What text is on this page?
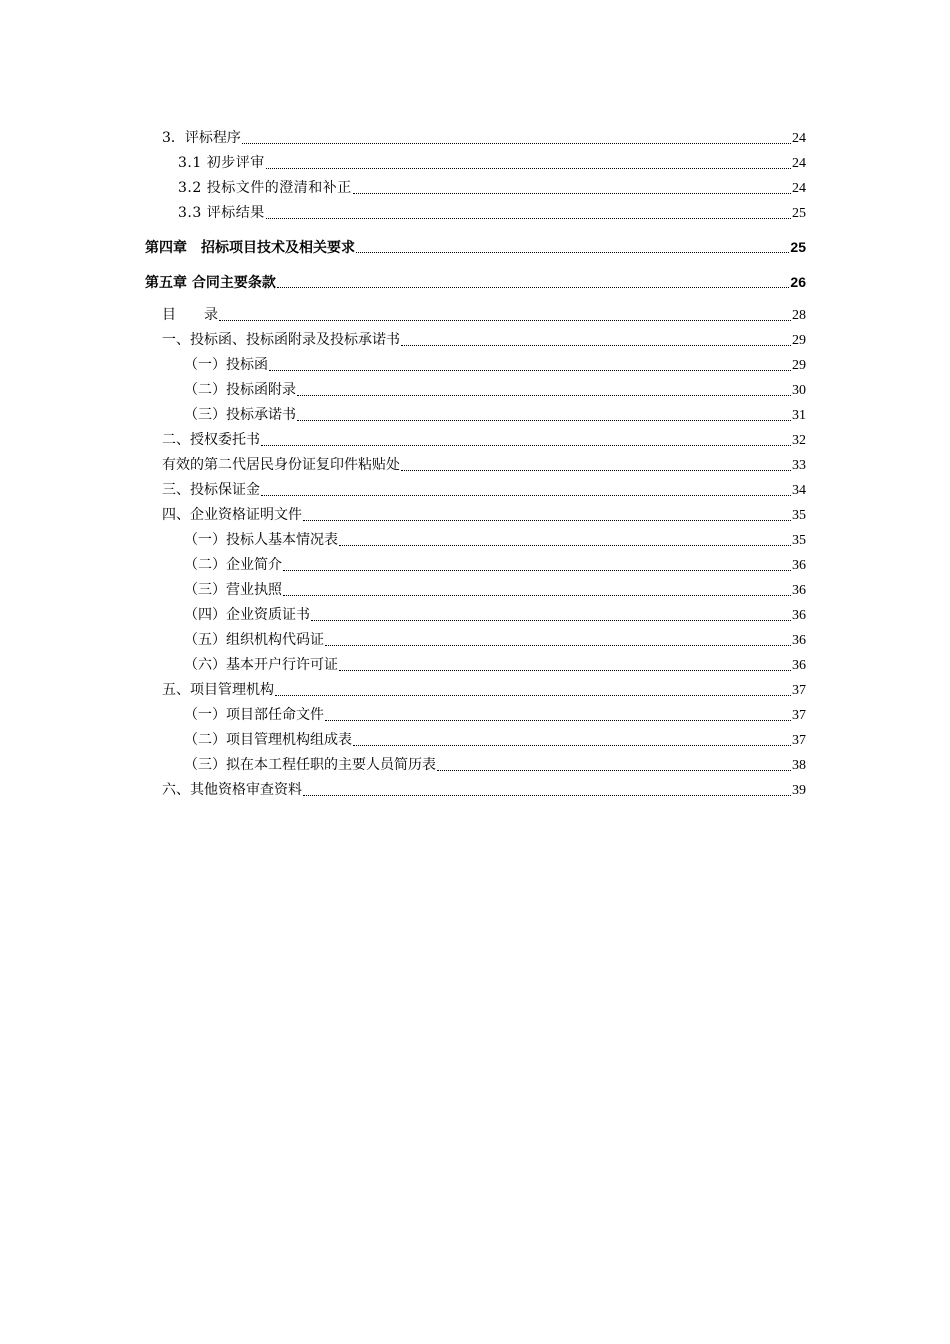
3．评标程序	24
3.1 初步评审	24
3.2 投标文件的澄清和补正	24
3.3 评标结果	25
第四章　招标项目技术及相关要求	25
第五章 合同主要条款	26
目　　录	28
一、投标函、投标函附录及投标承诺书	29
（一）投标函	29
（二）投标函附录	30
（三）投标承诺书	31
二、授权委托书	32
有效的第二代居民身份证复印件粘贴处	33
三、投标保证金	34
四、企业资格证明文件	35
（一）投标人基本情况表	35
（二）企业简介	36
（三）营业执照	36
（四）企业资质证书	36
（五）组织机构代码证	36
（六）基本开户行许可证	36
五、项目管理机构	37
（一）项目部任命文件	37
（二）项目管理机构组成表	37
（三）拟在本工程任职的主要人员简历表	38
六、其他资格审查资料	39
